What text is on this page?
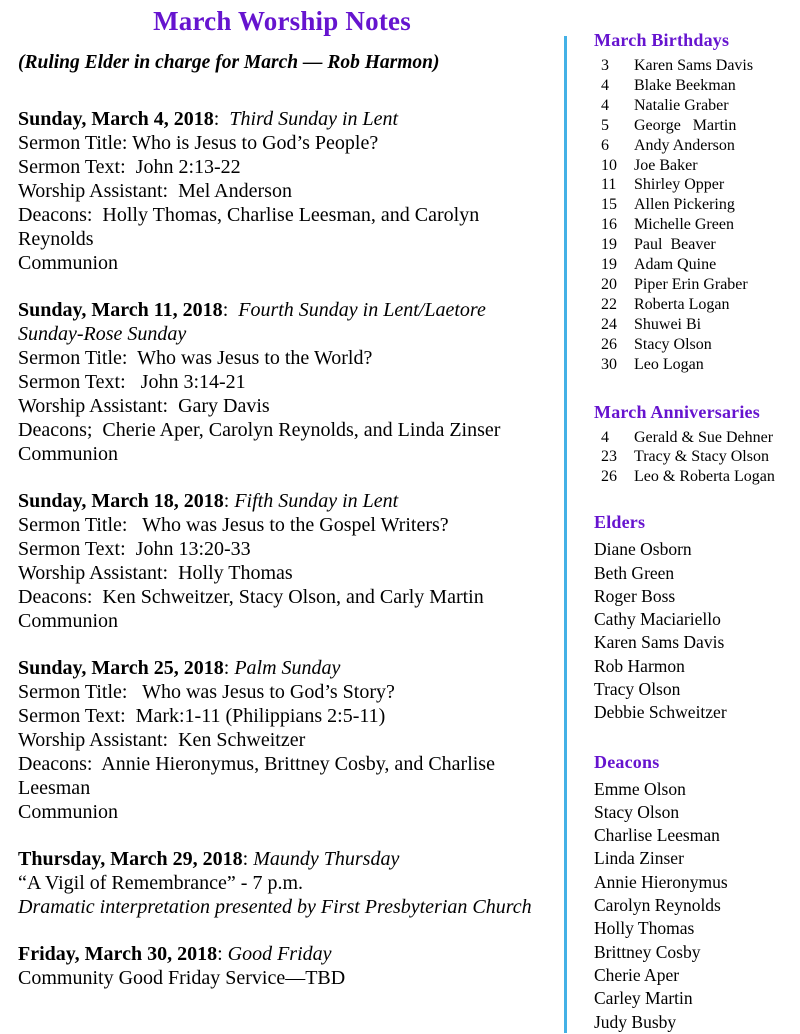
March Worship Notes

(Ruling Elder in charge for March — Rob Harmon)

Sunday, March 4, 2018:  Third Sunday in Lent

Sermon Title: Who is Jesus to God’s People?

Sermon Text:  John 2:13-22

Worship Assistant:  Mel Anderson

Deacons:  Holly Thomas, Charlise Leesman, and Carolyn Reynolds

Communion

Sunday, March 11, 2018:  Fourth Sunday in Lent/Laetore Sunday-Rose Sunday

Sermon Title:  Who was Jesus to the World?

Sermon Text:   John 3:14-21

Worship Assistant:  Gary Davis

Deacons;  Cherie Aper, Carolyn Reynolds, and Linda Zinser

Communion

Sunday, March 18, 2018: Fifth Sunday in Lent

Sermon Title:   Who was Jesus to the Gospel Writers?

Sermon Text:  John 13:20-33

Worship Assistant:  Holly Thomas

Deacons:  Ken Schweitzer, Stacy Olson, and Carly Martin

Communion

Sunday, March 25, 2018: Palm Sunday

Sermon Title:   Who was Jesus to God’s Story?

Sermon Text:  Mark:1-11 (Philippians 2:5-11)

Worship Assistant:  Ken Schweitzer

Deacons:  Annie Hieronymus, Brittney Cosby, and Charlise Leesman

Communion

Thursday, March 29, 2018: Maundy Thursday

“A Vigil of Remembrance” - 7 p.m.

Dramatic interpretation presented by First Presbyterian Church

Friday, March 30, 2018: Good Friday

Community Good Friday Service—TBD

March Birthdays
3	Karen Sams Davis
4	Blake Beekman
4	Natalie Graber
5	George   Martin
6	Andy Anderson
10	Joe Baker
11	Shirley Opper
15	Allen Pickering
16	Michelle Green
19	Paul  Beaver
19	Adam Quine
20	Piper Erin Graber
22	Roberta Logan
24	Shuwei Bi
26	Stacy Olson
30	Leo Logan
March Anniversaries
4	Gerald & Sue Dehner
23	Tracy & Stacy Olson
26	Leo & Roberta Logan
Elders
Diane Osborn
Beth Green
Roger Boss
Cathy Maciariello
Karen Sams Davis
Rob Harmon
Tracy Olson
Debbie Schweitzer
Deacons
Emme Olson
Stacy Olson
Charlise Leesman
Linda Zinser
Annie Hieronymus
Carolyn Reynolds
Holly Thomas
Brittney Cosby
Cherie Aper
Carley Martin
Judy Busby
